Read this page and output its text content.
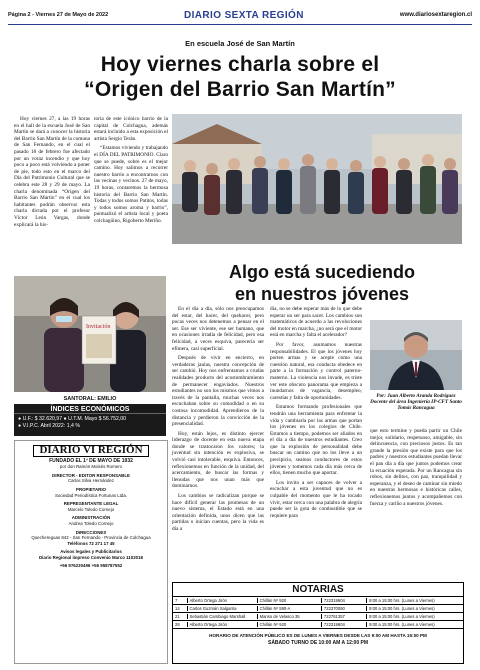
Página 2 - Viernes 27 de Mayo de 2022	DIARIO SEXTA REGIÓN	www.diariosextaregion.cl
En escuela José de San Martín
Hoy viernes charla sobre el
“Origen del Barrio San Martín”

Hoy viernes 27, a las 19 horas en el hall de la escuela José de San Martín se dará a conocer la historia del Barrio San Martín de la comuna de San Fernando, en el cual el pasado 18 de febrero fue afectado por un voraz incendio y que hoy poco a poco está volviendo a poner de pie, todo esto en el marco del Día del Patrimonio Cultural que se celebra este 28 y 29 de mayo. La charla denominada “Origen del Barrio San Martín” en el cual los habitantes podrán observar esta charla dictada por el profesor Víctor León Vargas, donde explicará la his-

toria de este icónico barrio de la capital de Colchagua, además estará incluido a esta exposición el artista Sergio Terán.

“Estamos viviendo y trabajando el DÍA DEL PATRIMONIO. Claro que se puede, sobre es el mejor camino. Hoy salimos a recorrer nuestro barrio a encontrarnos con las vecinas y vecinos. 27 de mayo, 19 horas, contaremos la hermosa historia del Barrio San Martín. Todas y todos somos Patitos, todas y todos somos aroma y barrio”, puntualizó el artista local y poeta colchagüino, Rigoberto Meriño.

Algo está sucediendo
en nuestros jóvenes
Invitación
SANTORAL: EMILIO
ÍNDICES ECONÓMICOS
● U.F.: $ 32.620,97 ● U.T.M. Mayo $ 56.752,00
● V.I.P.C. Abril 2022: 1,4 %
DIARIO VI REGIÓN
FUNDADO EL 1º DE MAYO DE 1932
por don Ramón Moisés Romero
DIRECTOR - EDITOR RESPONSABLE
Carlos Silva Hernández
PROPIETARIO
Sociedad Periodística Fortunas Ltda.
REPRESENTANTE LEGAL
Marcelo Toledo Cornejo
ADMINISTRACIÓN
Andrea Toledo Cornejo
DIRECCIONES
Quechereguas 842 - San Fernando - Provincia de Colchagua
Teléfonos 72 271 17 45
Avisos legales y Publicitarios
Diario Regional impreso Convenio Marco 1102018
+56 976230496 +56 958787552

En el día a día, sólo nos preocupamos del estar, del hacer, del quehacer, pero pocas veces nos detenemos a pensar en el ser. Ese ser viviente, ese ser humano, que en ocasiones irradia de felicidad, pero esa felicidad, a veces esquiva, parecería ser efímera, casi superficial.

Después de vivir en encierro, en verdaderas jaulas, nuestra concepción de ser cambió. Hoy nos enfrentamos a crudas realidades producto del acostumbramiento de permanecer engaviados. Nuestros estudiantes no son los mismos que vimos a través de la pantalla, muchas veces nos escuchaban sobre su comodidad o en su costosa incomodidad. Aprendieron de la distancia y perdieron la convicción de la presencialidad.

Hoy, están lejos, es distinto ejercer liderazgo de docente en esta nueva etapa donde se trastocaron los valores; la juventud sin intención es explosiva, se volvió casi intolerable, esquiva. Entonces, reflexionemos en función de la unidad, del acercamiento, de buscar las formas y llenudas que nos unan más que dominarnos.

Los cambios se radicalizan porque se hace difícil generar las promesas de un nuevo sistema, el Estado está en una orientación definida, unos dicen que las partidas o inician cuentas, pero la vida es día a

día, no se debe esperar más de lo que debe esperar un ser para sacer. Los cambios son matemáticos de acuerdo a las revoluciones del motor en marcha, ¿no será que el motor está en marcha y falta el acelerador?

Por favor, asumamos nuestras responsabilidades. El que los jóvenes hoy porten armas y se acepte como una cuestión natural, esa conducta obedece en parte a la formación y control paterno-materno. La violencia nos invade, es triste ver este obscuro panorama que empieza a inundarnos de vagancia, desempleo, carestías y falta de oportunidades.

Estamos formando profesionales que tendrán una herramienta para enfrentar la vida y cambiarla por las armas que portan los jóvenes en los colegios de Chile. Estamos a tiempo, podemos ser aliados en el día a día de nuestros estudiantes. Creo que la explosión de personalidad debe buscar un camino que no los lleve a un precipicio, seamos conductores de estos jóvenes y tomemos cada día más cerca de ellos, tienen mucho que aportar.

Los invito a ser capaces de volver a escuchar a esta juventud que no es culpable del momento que le ha tocado vivir, estar cerca con una palabra de alegría puede ser la gota de combustible que se requiere para

Por: Juan Alberto Aranda Rodríguez
Docente del área Ingeniería IP-CFT Santo Tomás Rancagua

que esto termine y pueda partir un Chile mejor, solidario, respetuoso, amigable, sin delincuencia, con preciosos justos. Es tan grande la presión que existe para que los padres y nuestros estudiantes puedan llevar el pan día a día que juntos podemos crear la ecuación esperada. Por un Rancagua sin robos, sin delitos, con paz, tranquilidad y esperanza, y el deseo de caminar sin miedo en nuestras hermosas e históricas calles, reflexionemos juntos y acompañemos con fuerza y cariño a nuestros jóvenes.

NOTARIAS
7	Alberto Ortega Jirón	Chillán Nº 920	722319604	9:00 a 15:00 hrs. (Lunes a Viernes)
14	Carlos Guzmán Salgarria	Chillán Nº 590-A	722370060	9:00 a 15:00 hrs. (Lunes a Viernes)
21	Sebastián Cambiago Marshall	Manso de Velasco 35	722761357	9:00 a 15:00 hrs. (Lunes a Viernes)
28	Alberto Ortega Jirón	Chillán Nº 920	722319604	9:00 a 15:00 hrs. (Lunes a Viernes)
HORARIO DE ATENCIÓN PÚBLICO ES DE LUNES A VIERNES DESDE LAS 9:00 AM HASTA 15:00 PM
SÁBADO TURNO DE 10:00 AM A 12:00 PM
